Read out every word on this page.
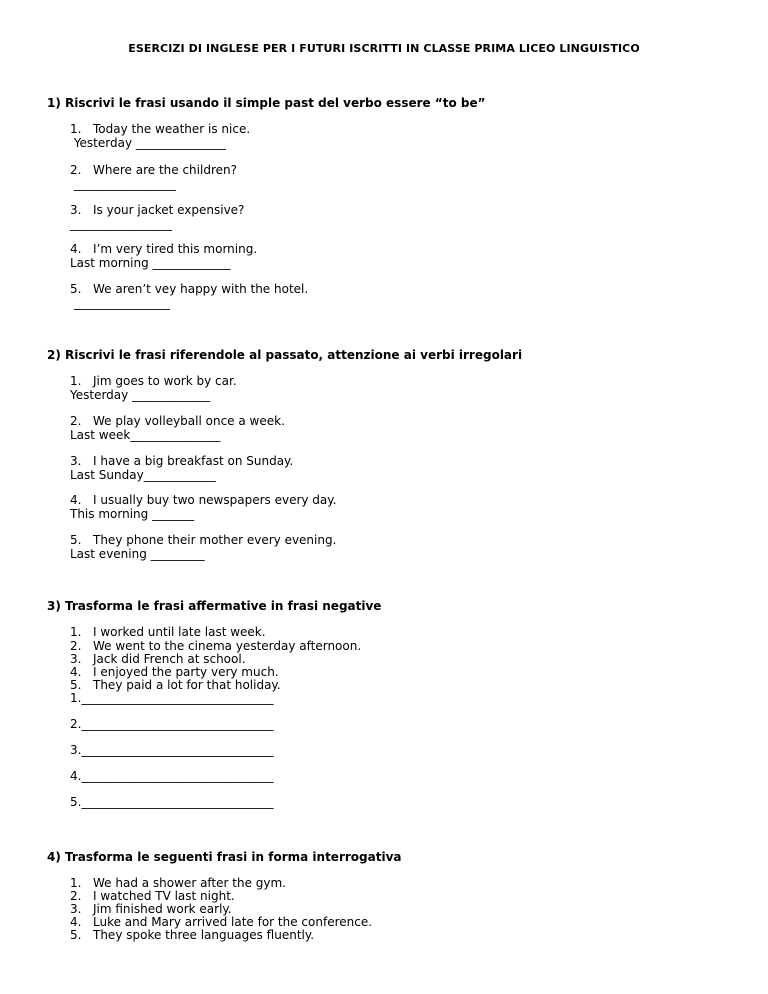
ESERCIZI DI INGLESE PER I FUTURI ISCRITTI IN CLASSE PRIMA LICEO LINGUISTICO
1) Riscrivi le frasi usando il simple past del verbo essere “to be”
1. Today the weather is nice.
Yesterday _______________
2. Where are the children?
_________________
3. Is your jacket expensive?
_________________
4. I’m very tired this morning.
Last morning _____________
5. We aren’t vey happy with the hotel.
________________
2) Riscrivi le frasi riferendole al passato, attenzione ai verbi irregolari
1. Jim goes to work by car.
Yesterday _____________
2. We play volleyball once a week.
Last week_______________
3. I have a big breakfast on Sunday.
Last Sunday____________
4. I usually buy two newspapers every day.
This morning _______
5. They phone their mother every evening.
Last evening _________
3) Trasforma le frasi affermative in frasi negative
1. I worked until late last week.
2. We went to the cinema yesterday afternoon.
3. Jack did French at school.
4. I enjoyed the party very much.
5. They paid a lot for that holiday.
1.________________________________
2.________________________________
3.________________________________
4.________________________________
5.________________________________
4) Trasforma le seguenti frasi in forma interrogativa
1. We had a shower after the gym.
2. I watched TV last night.
3. Jim finished work early.
4. Luke and Mary arrived late for the conference.
5. They spoke three languages fluently.
